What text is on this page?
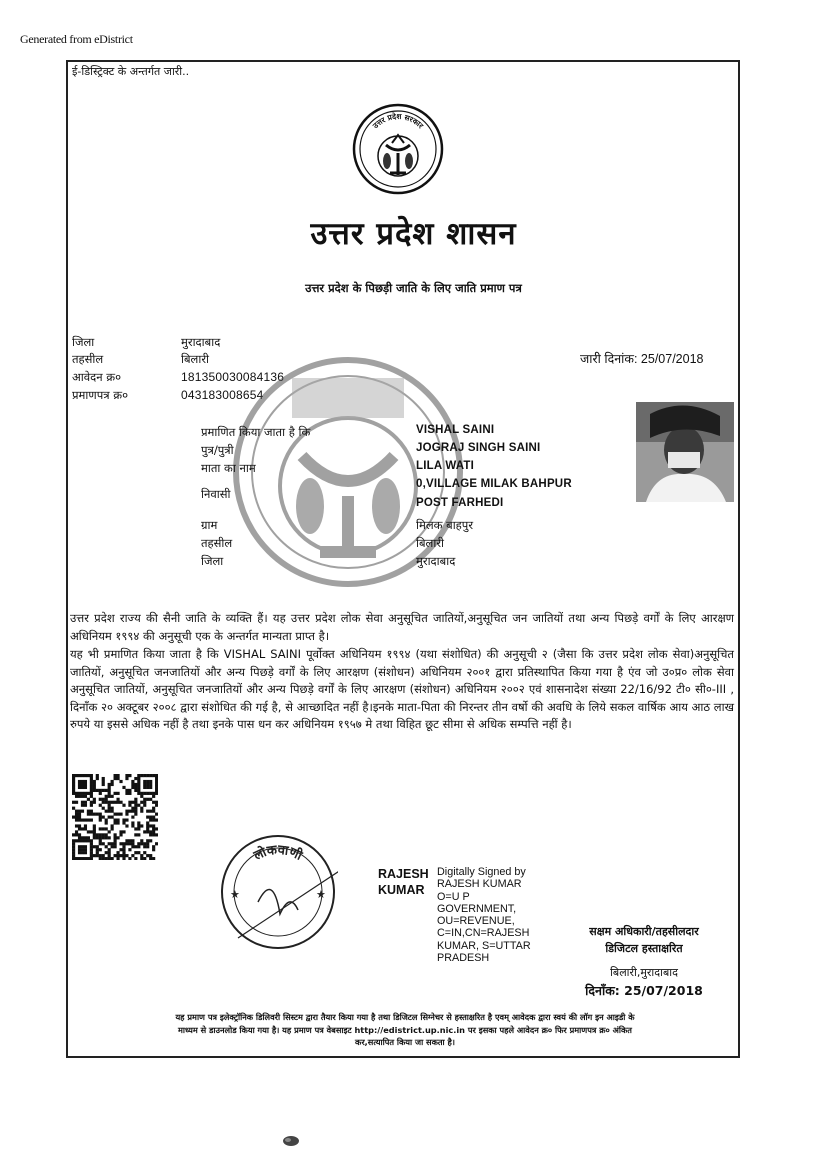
Generated from eDistrict
ई-डिस्ट्रिक्ट के अन्तर्गत जारी..
उत्तर प्रदेश सरकार
उत्तर प्रदेश शासन
उत्तर प्रदेश के पिछड़ी जाति के लिए जाति प्रमाण पत्र
जिला	मुरादाबाद
तहसील	बिलारी
आवेदन क्र०	181350030084136
प्रमाणपत्र क्र०	043183008654
जारी दिनांक: 25/07/2018
प्रमाणित किया जाता है कि	VISHAL SAINI
पुत्र/पुत्री	JOGRAJ SINGH SAINI
माता का नाम	LILA WATI
निवासी
0,VILLAGE MILAK BAHPUR
POST FARHEDI
ग्राम	मिलक बाहपुर
तहसील	बिलारी
जिला	मुरादाबाद
उत्तर प्रदेश राज्य की सैनी जाति के व्यक्ति हैं। यह उत्तर प्रदेश लोक सेवा अनुसूचित जातियों,अनुसूचित जन जातियों तथा अन्य पिछड़े वर्गों के लिए आरक्षण अधिनियम १९९४ की अनुसूची एक के अन्तर्गत मान्यता प्राप्त है।
यह भी प्रमाणित किया जाता है कि VISHAL SAINI पूर्वोक्त अधिनियम १९९४ (यथा संशोधित) की अनुसूची २ (जैसा कि उत्तर प्रदेश लोक सेवा)अनुसूचित जातियों, अनुसूचित जनजातियों और अन्य पिछड़े वर्गों के लिए आरक्षण (संशोधन) अधिनियम २००१ द्वारा प्रतिस्थापित किया गया है एंव जो उ०प्र० लोक सेवा अनुसूचित जातियों, अनुसूचित जनजातियों और अन्य पिछड़े वर्गों के लिए आरक्षण (संशोधन) अधिनियम २००२ एवं शासनादेश संख्या 22/16/92 टी० सी०-III , दिनाँक २० अक्टूबर २००८ द्वारा संशोधित की गई है, से आच्छादित नहीं है।इनके माता-पिता की निरन्तर तीन वर्षो की अवधि के लिये सकल वार्षिक आय आठ लाख रुपये या इससे अधिक नहीं है तथा इनके पास धन कर अधिनियम १९५७ मे तथा विहित छूट सीमा से अधिक सम्पत्ति नहीं है।
लोकवाणी
★	★
RAJESH
KUMAR
Digitally Signed by
RAJESH KUMAR
O=U P
GOVERNMENT,
OU=REVENUE,
C=IN,CN=RAJESH
KUMAR, S=UTTAR
PRADESH
सक्षम अधिकारी/तहसीलदार
डिजिटल हस्ताक्षरित
बिलारी,मुरादाबाद
दिनाँक: 25/07/2018
यह प्रमाण पत्र इलेक्ट्रॉनिक डिलिवरी सिस्टम द्वारा तैयार किया गया है तथा डिजिटल सिग्नेचर से हस्ताक्षरित है एवम् आवेदक द्वारा स्वयं की लॉग इन आइडी के
माध्यम से डाउनलोड किया गया है। यह प्रमाण पत्र वेबसाइट http://edistrict.up.nic.in पर इसका पहले आवेदन क्र० फिर प्रमाणपत्र क्र० अंकित
कर,सत्यापित किया जा सकता है।
